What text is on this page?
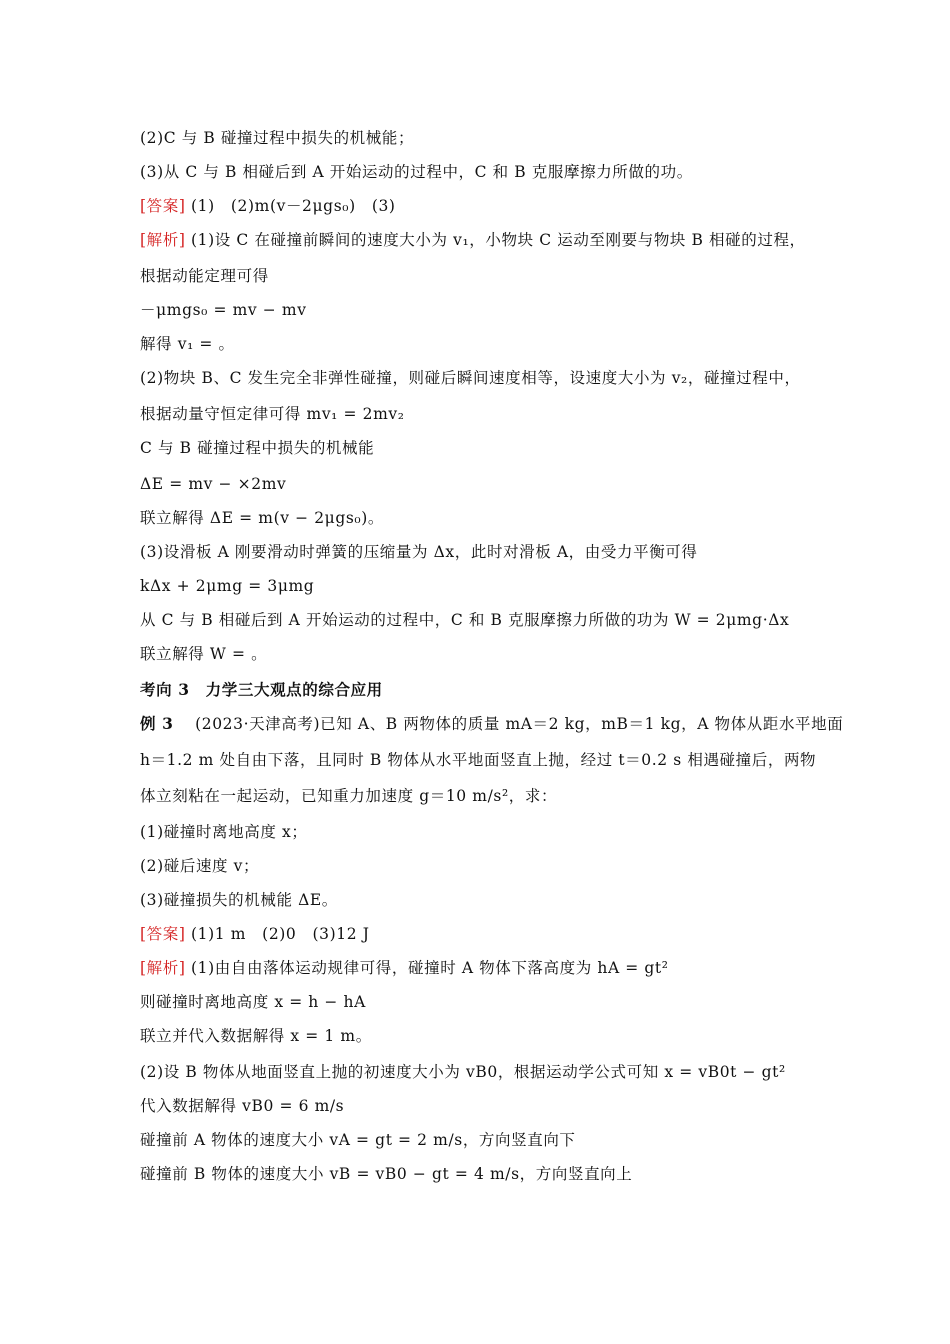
(2)C 与 B 碰撞过程中损失的机械能；
(3)从 C 与 B 相碰后到 A 开始运动的过程中，C 和 B 克服摩擦力所做的功。
[答案] (1)　(2)m(v－2μgs₀)　(3)
[解析] (1)设 C 在碰撞前瞬间的速度大小为 v₁，小物块 C 运动至刚要与物块 B 相碰的过程，
根据动能定理可得
－μmgs₀ = mv − mv
解得 v₁ = 。
(2)物块 B、C 发生完全非弹性碰撞，则碰后瞬间速度相等，设速度大小为 v₂，碰撞过程中，
根据动量守恒定律可得 mv₁ = 2mv₂
C 与 B 碰撞过程中损失的机械能
ΔE = mv − ×2mv
联立解得 ΔE = m(v − 2μgs₀)。
(3)设滑板 A 刚要滑动时弹簧的压缩量为 Δx，此时对滑板 A，由受力平衡可得
kΔx + 2μmg = 3μmg
从 C 与 B 相碰后到 A 开始运动的过程中，C 和 B 克服摩擦力所做的功为 W = 2μmg·Δx
联立解得 W = 。
考向 3　力学三大观点的综合应用
例 3 　(2023·天津高考)已知 A、B 两物体的质量 mA＝2 kg，mB＝1 kg，A 物体从距水平地面
h＝1.2 m 处自由下落，且同时 B 物体从水平地面竖直上抛，经过 t＝0.2 s 相遇碰撞后，两物
体立刻粘在一起运动，已知重力加速度 g＝10 m/s²，求：
(1)碰撞时离地高度 x；
(2)碰后速度 v；
(3)碰撞损失的机械能 ΔE。
[答案] (1)1 m　(2)0　(3)12 J
[解析] (1)由自由落体运动规律可得，碰撞时 A 物体下落高度为 hA = gt²
则碰撞时离地高度 x = h − hA
联立并代入数据解得 x = 1 m。
(2)设 B 物体从地面竖直上抛的初速度大小为 vB0，根据运动学公式可知 x = vB0t − gt²
代入数据解得 vB0 = 6 m/s
碰撞前 A 物体的速度大小 vA = gt = 2 m/s，方向竖直向下
碰撞前 B 物体的速度大小 vB = vB0 − gt = 4 m/s，方向竖直向上
